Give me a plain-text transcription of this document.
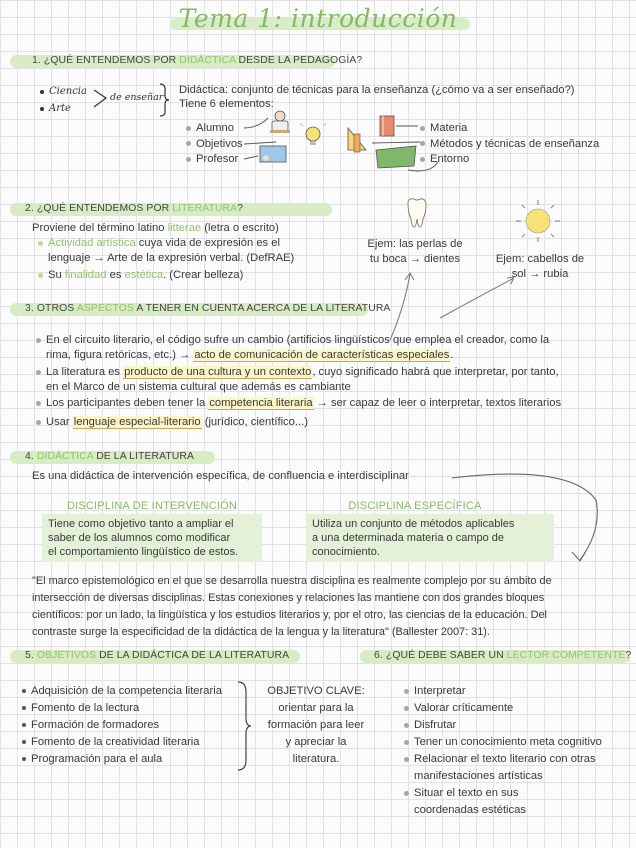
Tema 1: introducción
1. ¿QUÉ ENTENDEMOS POR DIDÁCTICA DESDE LA PEDAGOGÍA?
Ciencia
Arte
de enseñar
Didáctica: conjunto de técnicas para la enseñanza (¿cómo va a ser enseñado?)
Tiene 6 elementos:
Alumno
Objetivos
Profesor
Materia
Métodos y técnicas de enseñanza
Entorno
2. ¿QUÉ ENTENDEMOS POR LITERATURA?
Proviene del término latino litterae (letra o escrito)
Actividad artística cuya vida de expresión es el
lenguaje → Arte de la expresión verbal. (DefRAE)
Su finalidad es estética. (Crear belleza)
Ejem: las perlas de
tu boca → dientes	Ejem: cabellos de
sol → rubia
3. OTROS ASPECTOS A TENER EN CUENTA ACERCA DE LA LITERATURA
En el circuito literario, el código sufre un cambio (artificios lingüísticos que emplea el creador, como la
rima, figura retóricas, etc.) → acto de comunicación de características especiales.
La literatura es producto de una cultura y un contexto, cuyo significado habrá que interpretar, por tanto,
en el Marco de un sistema cultural que además es cambiante
Los participantes deben tener la competencia literaria → ser capaz de leer o interpretar, textos literarios
Usar lenguaje especial-literario (jurídico, científico...)
4. DIDÁCTICA DE LA LITERATURA
Es una didáctica de intervención específica, de confluencia e interdisciplinar
DISCIPLINA DE INTERVENCIÓN
Tiene como objetivo tanto a ampliar el
saber de los alumnos como modificar
el comportamiento lingüístico de estos.
DISCIPLINA ESPECÍFICA
Utiliza un conjunto de métodos aplicables
a una determinada materia o campo de
conocimiento.
"El marco epistemológico en el que se desarrolla nuestra disciplina es realmente complejo por su ámbito de
intersección de diversas disciplinas. Estas conexiones y relaciones las mantiene con dos grandes bloques
científicos: por un lado, la lingüística y los estudios literarios y, por el otro, las ciencias de la educación. Del
contraste surge la especificidad de la didáctica de la lengua y la literatura" (Ballester 2007: 31).
5. OBJETIVOS DE LA DIDÁCTICA DE LA LITERATURA
Adquisición de la competencia literaria
Fomento de la lectura
Formación de formadores
Fomento de la creatividad literaria
Programación para el aula
OBJETIVO CLAVE:
orientar para la
formación para leer
y apreciar la
literatura.
6. ¿QUÉ DEBE SABER UN LECTOR COMPETENTE?
Interpretar
Valorar críticamente
Disfrutar
Tener un conocimiento meta cognitivo
Relacionar el texto literario con otras
manifestaciones artísticas
Situar el texto en sus
coordenadas estéticas
